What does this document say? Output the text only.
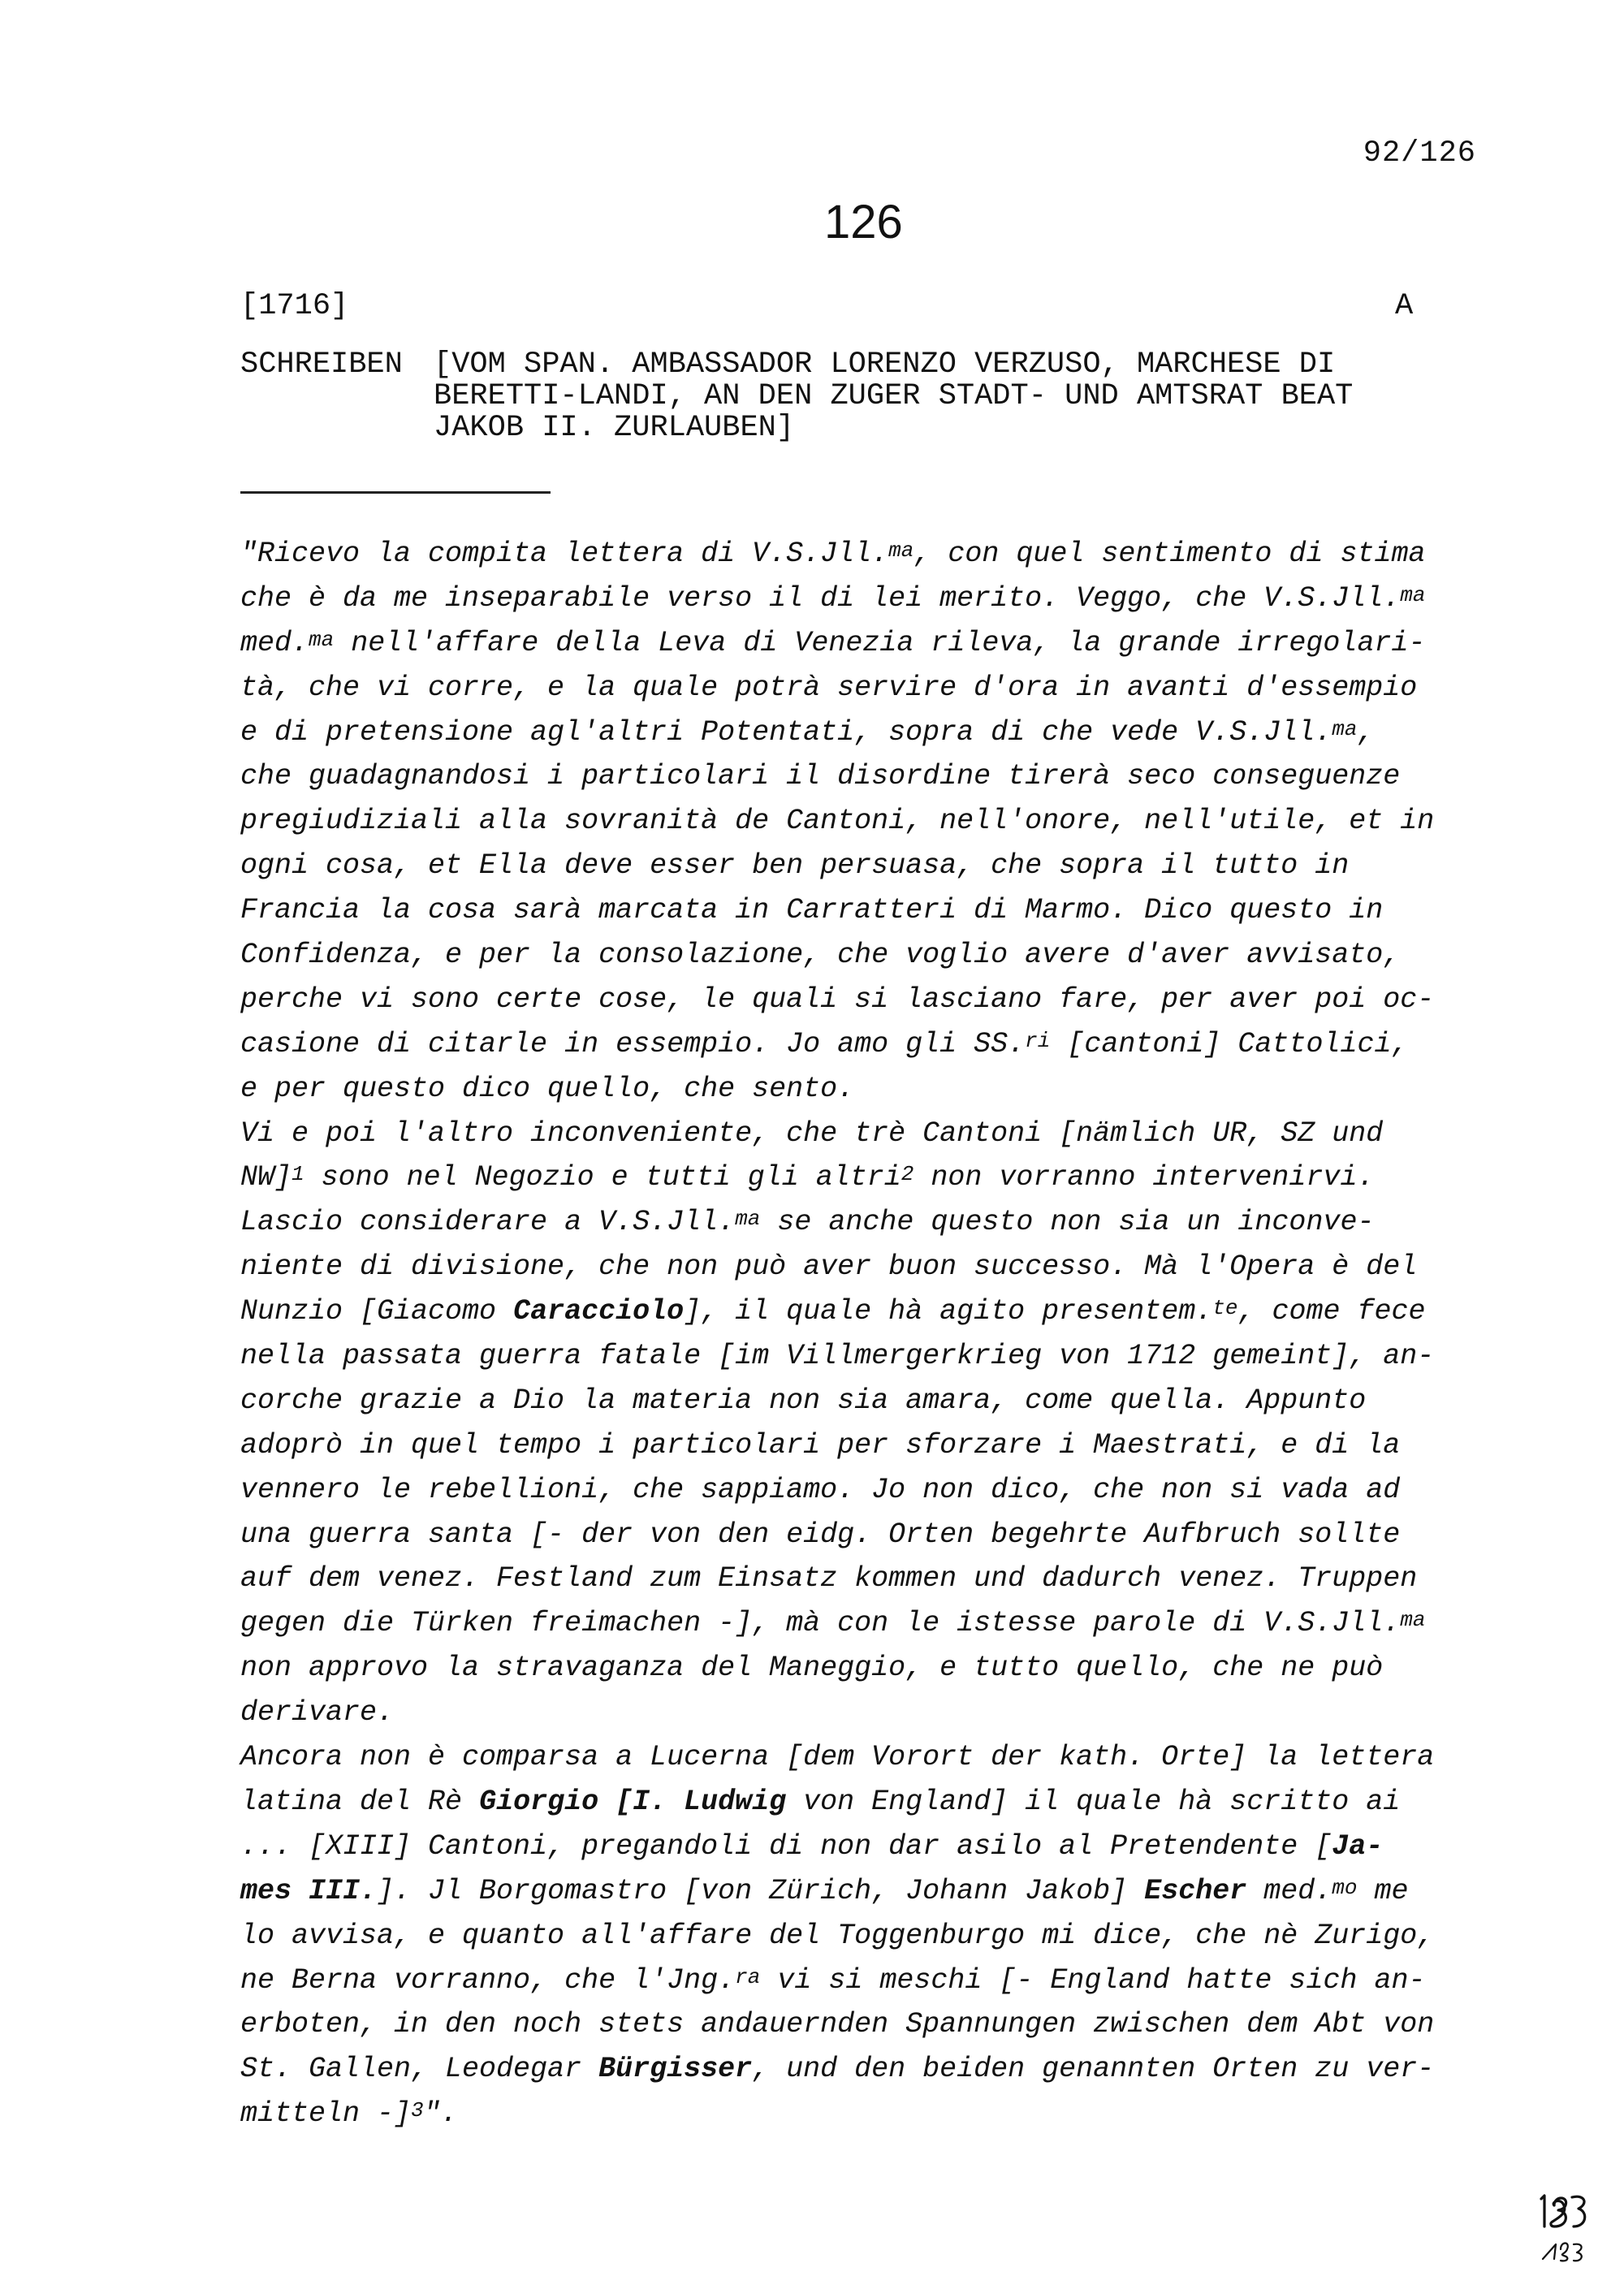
92/126
126
[1716]	A
SCHREIBEN [VOM SPAN. AMBASSADOR LORENZO VERZUSO, MARCHESE DI
BERETTI-LANDI, AN DEN ZUGER STADT- UND AMTSRAT BEAT
JAKOB II. ZURLAUBEN]
"Ricevo la compita lettera di V.S.Jll.$^{ma}$, con quel sentimento di stima
che è da me inseparabile verso il di lei merito. Veggo, che V.S.Jll.$^{ma}$
med.$^{ma}$ nell'affare della Leva di Venezia rileva, la grande irregolari-
tà, che vi corre, e la quale potrà servire d'ora in avanti d'essempio
e di pretensione agl'altri Potentati, sopra di che vede V.S.Jll.$^{ma}$,
che guadagnandosi i particolari il disordine tirerà seco conseguenze
pregiudiziali alla sovranità de Cantoni, nell'onore, nell'utile, et in
ogni cosa, et Ella deve esser ben persuasa, che sopra il tutto in
Francia la cosa sarà marcata in Carratteri di Marmo. Dico questo in
Confidenza, e per la consolazione, che voglio avere d'aver avvisato,
perche vi sono certe cose, le quali si lasciano fare, per aver poi oc-
casione di citarle in essempio. Jo amo gli SS.$^{ri}$ [cantoni] Cattolici,
e per questo dico quello, che sento.
Vi e poi l'altro inconveniente, che trè Cantoni [nämlich UR, SZ und
NW]$^1$ sono nel Negozio e tutti gli altri$^2$ non vorranno intervenirvi.
Lascio considerare a V.S.Jll.$^{ma}$ se anche questo non sia un inconve-
niente di divisione, che non può aver buon successo. Mà l'Opera è del
Nunzio [Giacomo Caracciolo], il quale hà agito presentem.$^{te}$, come fece
nella passata guerra fatale [im Villmergerkrieg von 1712 gemeint], an-
corche grazie a Dio la materia non sia amara, come quella. Appunto
adoprò in quel tempo i particolari per sforzare i Maestrati, e di la
vennero le rebellioni, che sappiamo. Jo non dico, che non si vada ad
una guerra santa [- der von den eidg. Orten begehrte Aufbruch sollte
auf dem venez. Festland zum Einsatz kommen und dadurch venez. Truppen
gegen die Türken freimachen -], mà con le istesse parole di V.S.Jll.$^{ma}$
non approvo la stravaganza del Maneggio, e tutto quello, che ne può
derivare.
Ancora non è comparsa a Lucerna [dem Vorort der kath. Orte] la lettera
latina del Rè Giorgio [I. Ludwig von England] il quale hà scritto ai
... [XIII] Cantoni, pregandoli di non dar asilo al Pretendente [Ja-
mes III.]. Jl Borgomastro [von Zürich, Johann Jakob] Escher med.$^{mo}$ me
lo avvisa, e quanto all'affare del Toggenburgo mi dice, che nè Zurigo,
ne Berna vorranno, che l'Jng.$^{ra}$ vi si meschi [- England hatte sich an-
erboten, in den noch stets andauernden Spannungen zwischen dem Abt von
St. Gallen, Leodegar Bürgisser, und den beiden genannten Orten zu ver-
mitteln -]$^3$".
